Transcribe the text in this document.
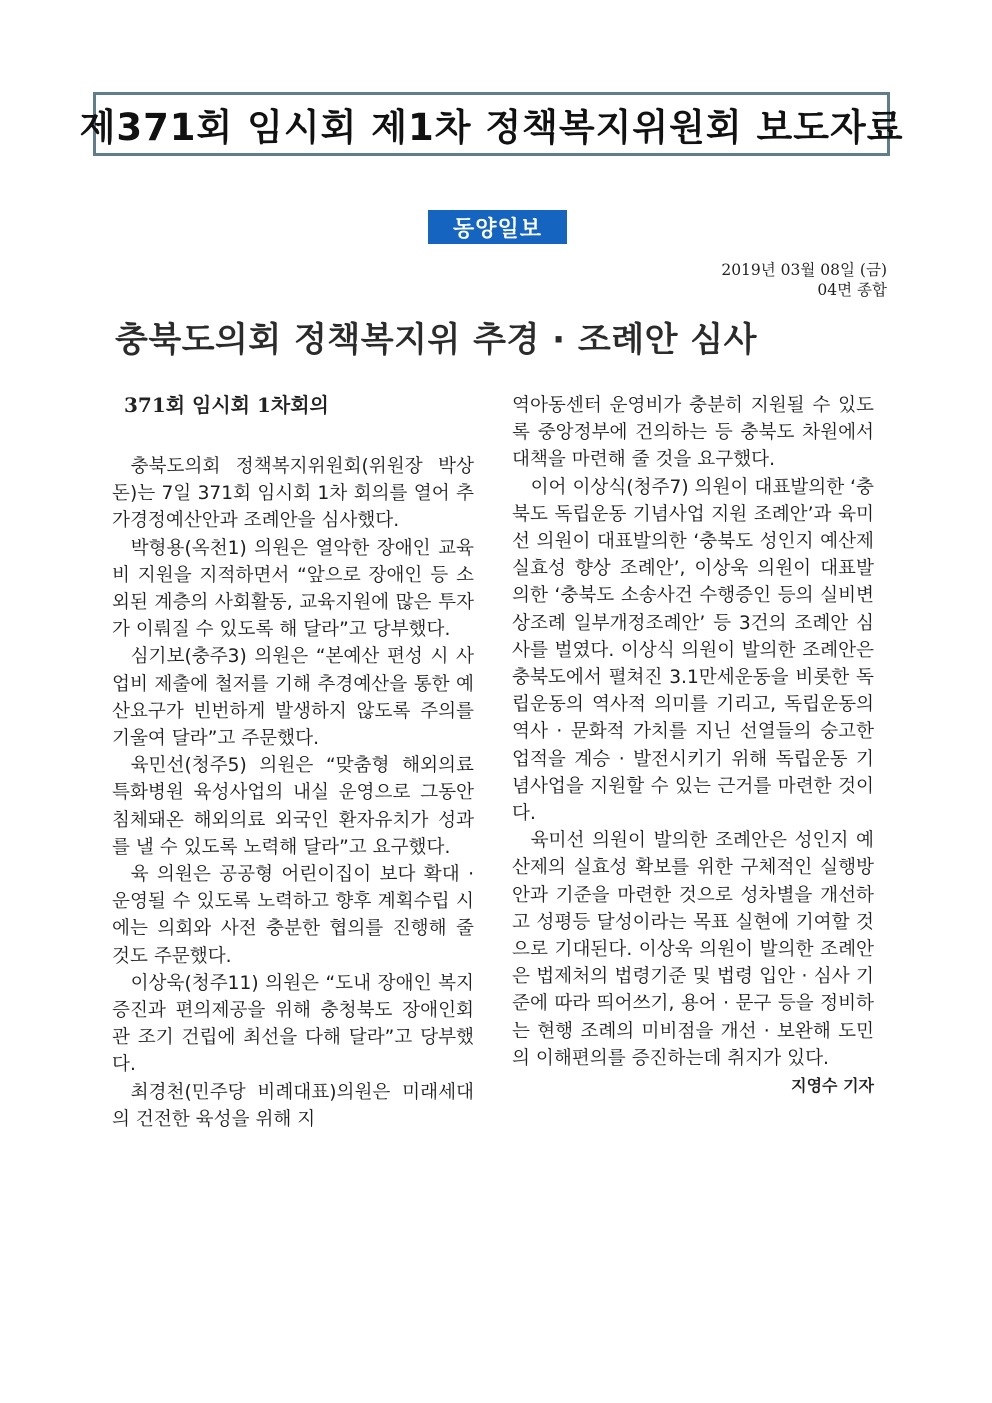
제371회 임시회 제1차 정책복지위원회 보도자료
동양일보
2019년 03월 08일 (금)
04면 종합
충북도의회 정책복지위 추경 · 조례안 심사
371회 임시회 1차회의

충북도의회 정책복지위원회(위원장 박상돈)는 7일 371회 임시회 1차 회의를 열어 추가경정예산안과 조례안을 심사했다.

박형용(옥천1) 의원은 열악한 장애인 교육비 지원을 지적하면서 “앞으로 장애인 등 소외된 계층의 사회활동, 교육지원에 많은 투자가 이뤄질 수 있도록 해 달라”고 당부했다.

심기보(충주3) 의원은 “본예산 편성 시 사업비 제출에 철저를 기해 추경예산을 통한 예산요구가 빈번하게 발생하지 않도록 주의를 기울여 달라”고 주문했다.

육민선(청주5) 의원은 “맞춤형 해외의료 특화병원 육성사업의 내실 운영으로 그동안 침체돼온 해외의료 외국인 환자유치가 성과를 낼 수 있도록 노력해 달라”고 요구했다.

육 의원은 공공형 어린이집이 보다 확대 · 운영될 수 있도록 노력하고 향후 계획수립 시에는 의회와 사전 충분한 협의를 진행해 줄 것도 주문했다.

이상욱(청주11) 의원은 “도내 장애인 복지증진과 편의제공을 위해 충청북도 장애인회관 조기 건립에 최선을 다해 달라”고 당부했다.

최경천(민주당 비례대표)의원은 미래세대의 건전한 육성을 위해 지

역아동센터 운영비가 충분히 지원될 수 있도록 중앙정부에 건의하는 등 충북도 차원에서 대책을 마련해 줄 것을 요구했다.

이어 이상식(청주7) 의원이 대표발의한 ‘충북도 독립운동 기념사업 지원 조례안’과 육미선 의원이 대표발의한 ‘충북도 성인지 예산제 실효성 향상 조례안’, 이상욱 의원이 대표발의한 ‘충북도 소송사건 수행증인 등의 실비변상조례 일부개정조례안’ 등 3건의 조례안 심사를 벌였다. 이상식 의원이 발의한 조례안은 충북도에서 펼쳐진 3.1만세운동을 비롯한 독립운동의 역사적 의미를 기리고, 독립운동의 역사 · 문화적 가치를 지닌 선열들의 숭고한 업적을 계승 · 발전시키기 위해 독립운동 기념사업을 지원할 수 있는 근거를 마련한 것이다.

육미선 의원이 발의한 조례안은 성인지 예산제의 실효성 확보를 위한 구체적인 실행방안과 기준을 마련한 것으로 성차별을 개선하고 성평등 달성이라는 목표 실현에 기여할 것으로 기대된다. 이상욱 의원이 발의한 조례안은 법제처의 법령기준 및 법령 입안 · 심사 기준에 따라 띄어쓰기, 용어 · 문구 등을 정비하는 현행 조례의 미비점을 개선 · 보완해 도민의 이해편의를 증진하는데 취지가 있다.
지영수 기자
